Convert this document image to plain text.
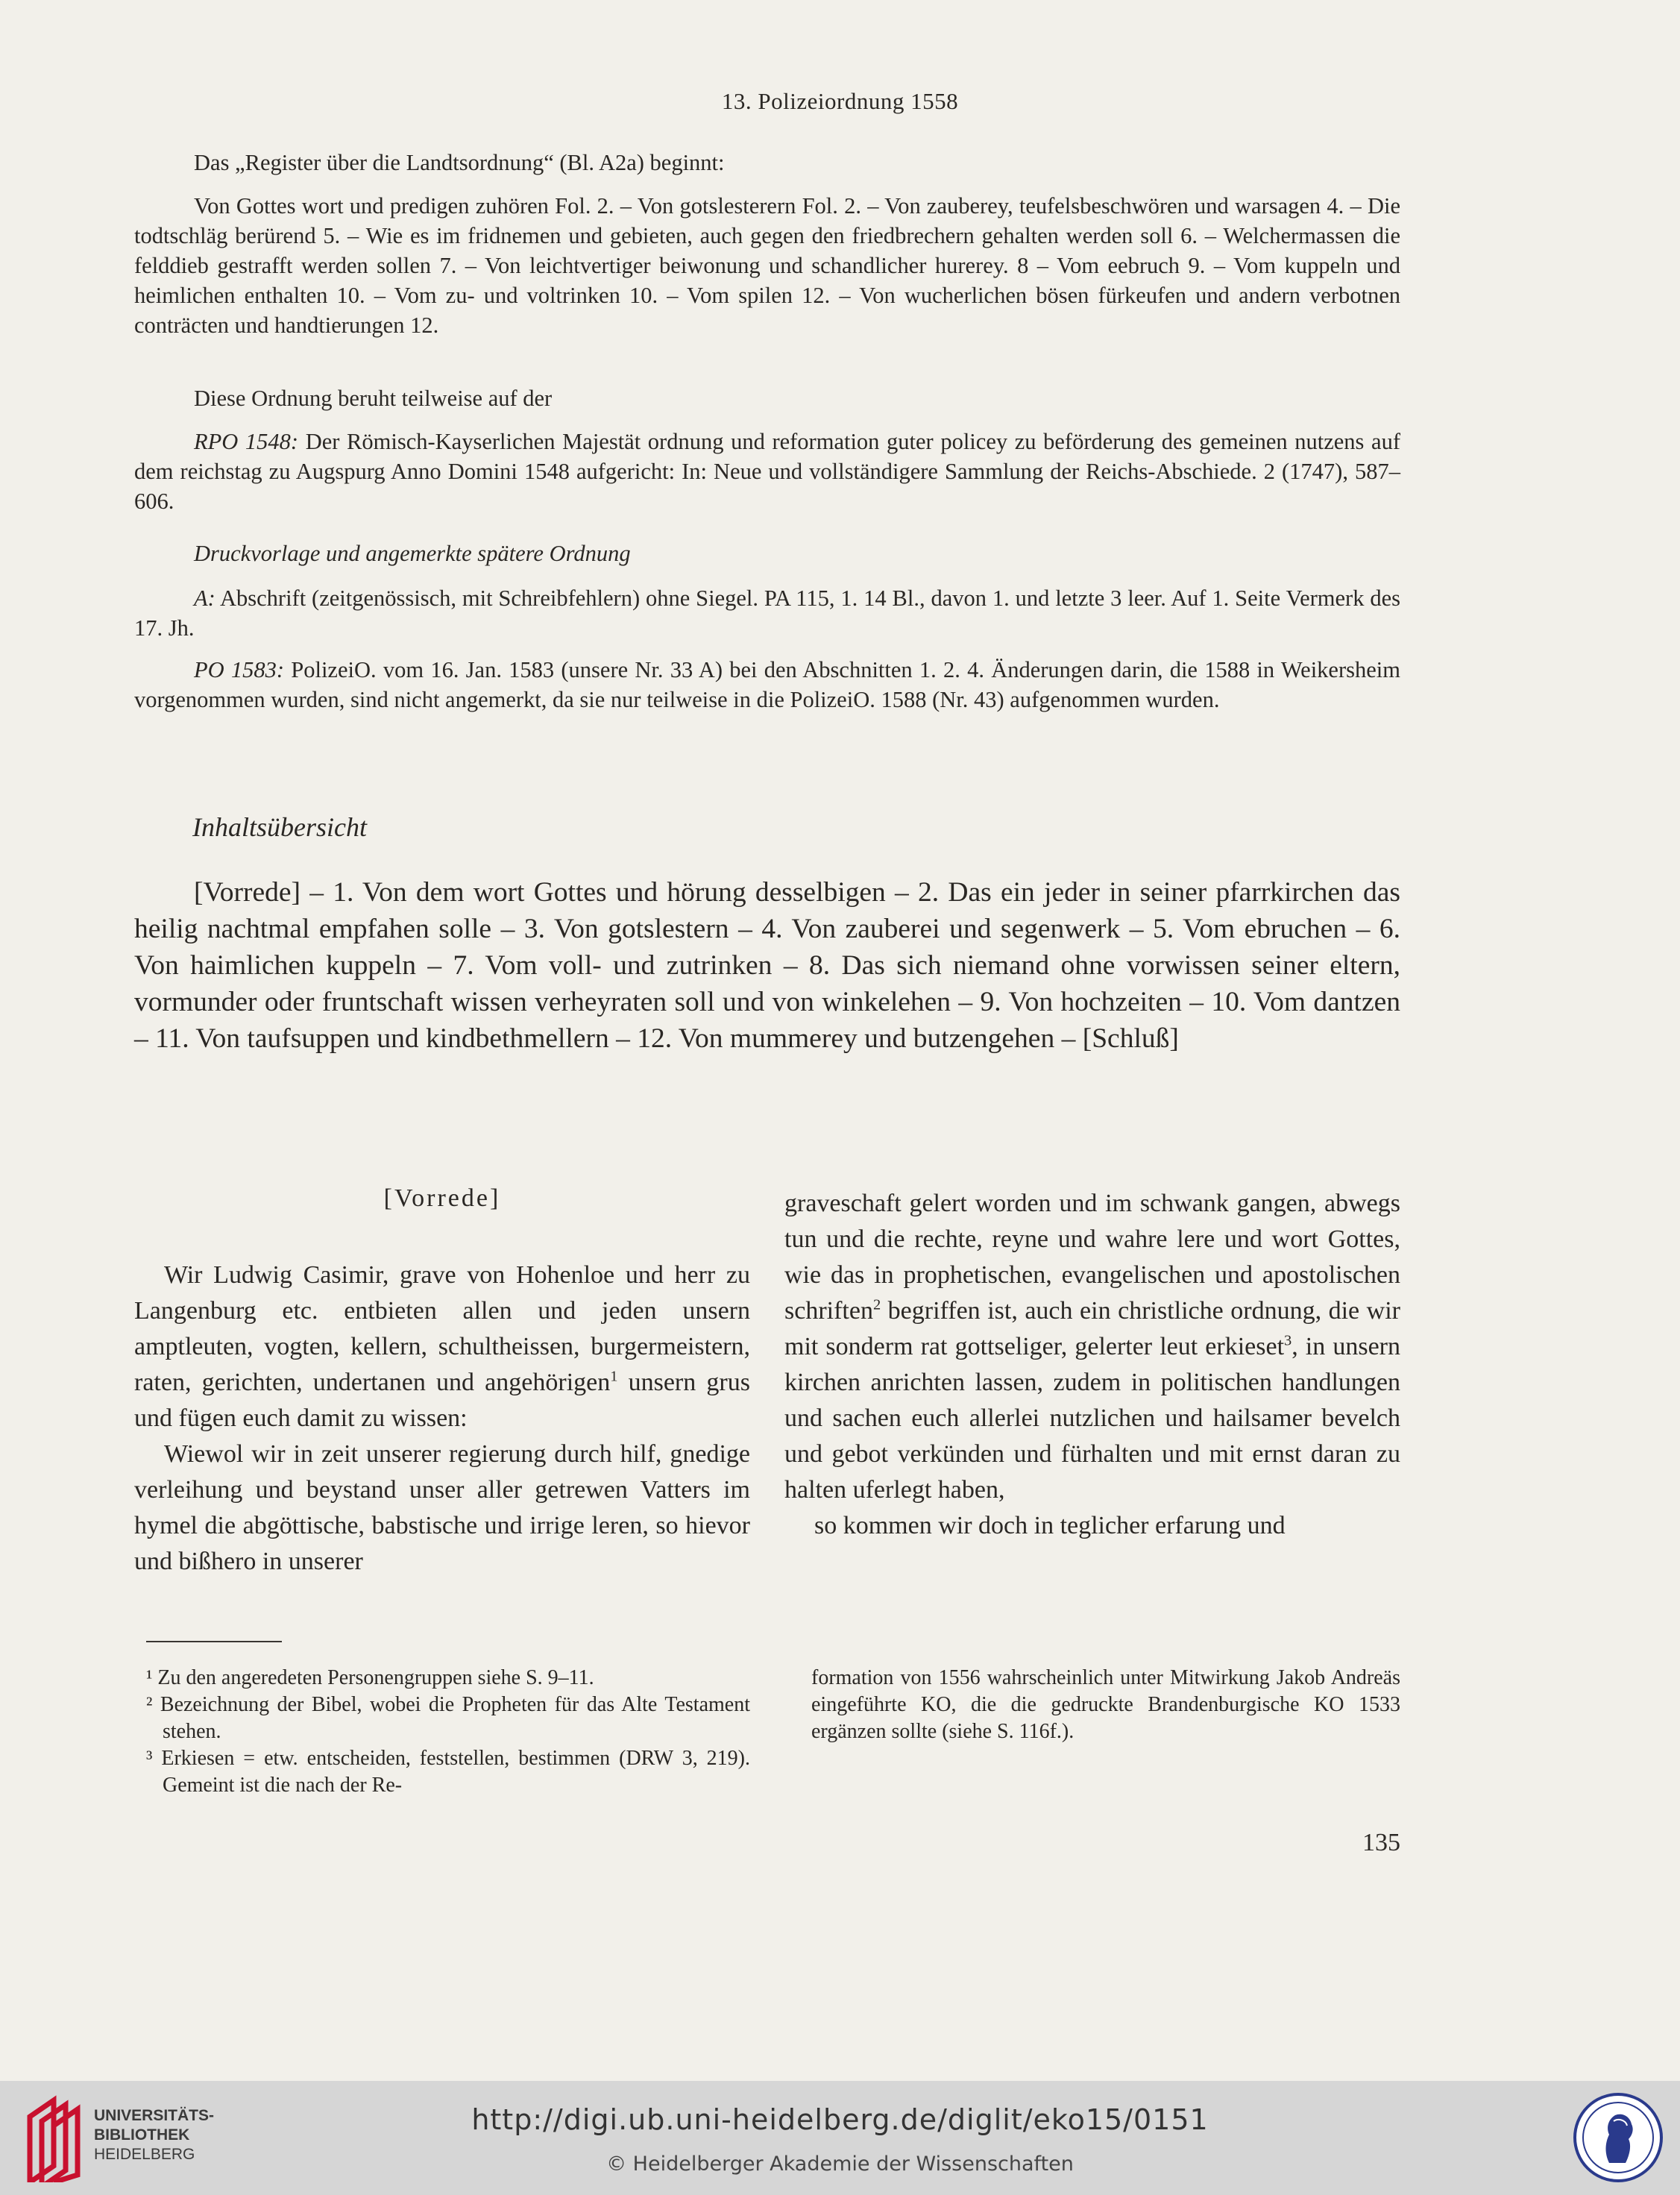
13. Polizeiordnung 1558

Das „Register über die Landtsordnung“ (Bl. A2a) beginnt:

Von Gottes wort und predigen zuhören Fol. 2. – Von gotslesterern Fol. 2. – Von zauberey, teufelsbeschwören und warsagen 4. – Die todtschläg berürend 5. – Wie es im fridnemen und gebieten, auch gegen den friedbrechern gehalten werden soll 6. – Welchermassen die felddieb gestrafft werden sollen 7. – Von leichtvertiger beiwonung und schandlicher hurerey. 8 – Vom eebruch 9. – Vom kuppeln und heimlichen enthalten 10. – Vom zu- und voltrinken 10. – Vom spilen 12. – Von wucherlichen bösen fürkeufen und andern verbotnen conträcten und handtierungen 12.

Diese Ordnung beruht teilweise auf der

RPO 1548: Der Römisch-Kayserlichen Majestät ordnung und reformation guter policey zu beförderung des gemeinen nutzens auf dem reichstag zu Augspurg Anno Domini 1548 aufgericht: In: Neue und vollständigere Sammlung der Reichs-Abschiede. 2 (1747), 587–606.

Druckvorlage und angemerkte spätere Ordnung

A: Abschrift (zeitgenössisch, mit Schreibfehlern) ohne Siegel. PA 115, 1. 14 Bl., davon 1. und letzte 3 leer. Auf 1. Seite Vermerk des 17. Jh.

PO 1583: PolizeiO. vom 16. Jan. 1583 (unsere Nr. 33 A) bei den Abschnitten 1. 2. 4. Änderungen darin, die 1588 in Weikersheim vorgenommen wurden, sind nicht angemerkt, da sie nur teilweise in die PolizeiO. 1588 (Nr. 43) aufgenommen wurden.

Inhaltsübersicht

[Vorrede] – 1. Von dem wort Gottes und hörung desselbigen – 2. Das ein jeder in seiner pfarrkirchen das heilig nachtmal empfahen solle – 3. Von gotslestern – 4. Von zauberei und segenwerk – 5. Vom ebruchen – 6. Von haimlichen kuppeln – 7. Vom voll- und zutrinken – 8. Das sich niemand ohne vorwissen seiner eltern, vormunder oder fruntschaft wissen verheyraten soll und von winkelehen – 9. Von hochzeiten – 10. Vom dantzen – 11. Von taufsuppen und kindbethmellern – 12. Von mummerey und butzengehen – [Schluß]

[Vorrede]

Wir Ludwig Casimir, grave von Hohenloe und herr zu Langenburg etc. entbieten allen und jeden unsern amptleuten, vogten, kellern, schultheissen, burgermeistern, raten, gerichten, undertanen und angehörigen$^1$ unsern grus und fügen euch damit zu wissen:

Wiewol wir in zeit unserer regierung durch hilf, gnedige verleihung und beystand unser aller getrewen Vatters im hymel die abgöttische, babstische und irrige leren, so hievor und bißhero in unserer

graveschaft gelert worden und im schwank gangen, abwegs tun und die rechte, reyne und wahre lere und wort Gottes, wie das in prophetischen, evangelischen und apostolischen schriften$^2$ begriffen ist, auch ein christliche ordnung, die wir mit sonderm rat gottseliger, gelerter leut erkieset$^3$, in unsern kirchen anrichten lassen, zudem in politischen handlungen und sachen euch allerlei nutzlichen und hailsamer bevelch und gebot verkünden und fürhalten und mit ernst daran zu halten uferlegt haben,

so kommen wir doch in teglicher erfarung und

¹ Zu den angeredeten Personengruppen siehe S. 9–11.

² Bezeichnung der Bibel, wobei die Propheten für das Alte Testament stehen.

³ Erkiesen = etw. entscheiden, feststellen, bestimmen (DRW 3, 219). Gemeint ist die nach der Re-

formation von 1556 wahrscheinlich unter Mitwirkung Jakob Andreäs eingeführte KO, die die gedruckte Brandenburgische KO 1533 ergänzen sollte (siehe S. 116f.).

135
UNIVERSITÄTS-
BIBLIOTHEK
HEIDELBERG
http://digi.ub.uni-heidelberg.de/diglit/eko15/0151
© Heidelberger Akademie der Wissenschaften
